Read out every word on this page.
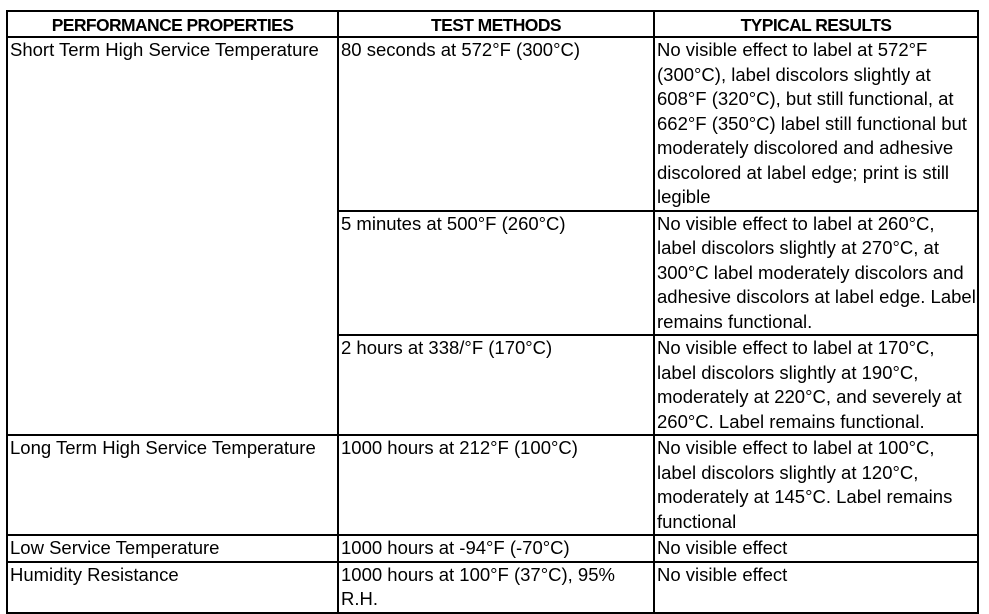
PERFORMANCE PROPERTIES	TEST METHODS	TYPICAL RESULTS
Short Term High Service Temperature	80 seconds at 572°F (300°C)	No visible effect to label at 572°F (300°C), label discolors slightly at 608°F (320°C), but still functional, at 662°F (350°C) label still functional but moderately discolored and adhesive discolored at label edge; print is still legible
	5 minutes at 500°F (260°C)	No visible effect to label at 260°C, label discolors slightly at 270°C, at 300°C label moderately discolors and adhesive discolors at label edge. Label remains functional.
	2 hours at 338/°F (170°C)	No visible effect to label at 170°C, label discolors slightly at 190°C, moderately at 220°C, and severely at 260°C. Label remains functional.
Long Term High Service Temperature	1000 hours at 212°F (100°C)	No visible effect to label at 100°C, label discolors slightly at 120°C, moderately at 145°C. Label remains functional
Low Service Temperature	1000 hours at -94°F (-70°C)	No visible effect
Humidity Resistance	1000 hours at 100°F (37°C), 95% R.H.	No visible effect
